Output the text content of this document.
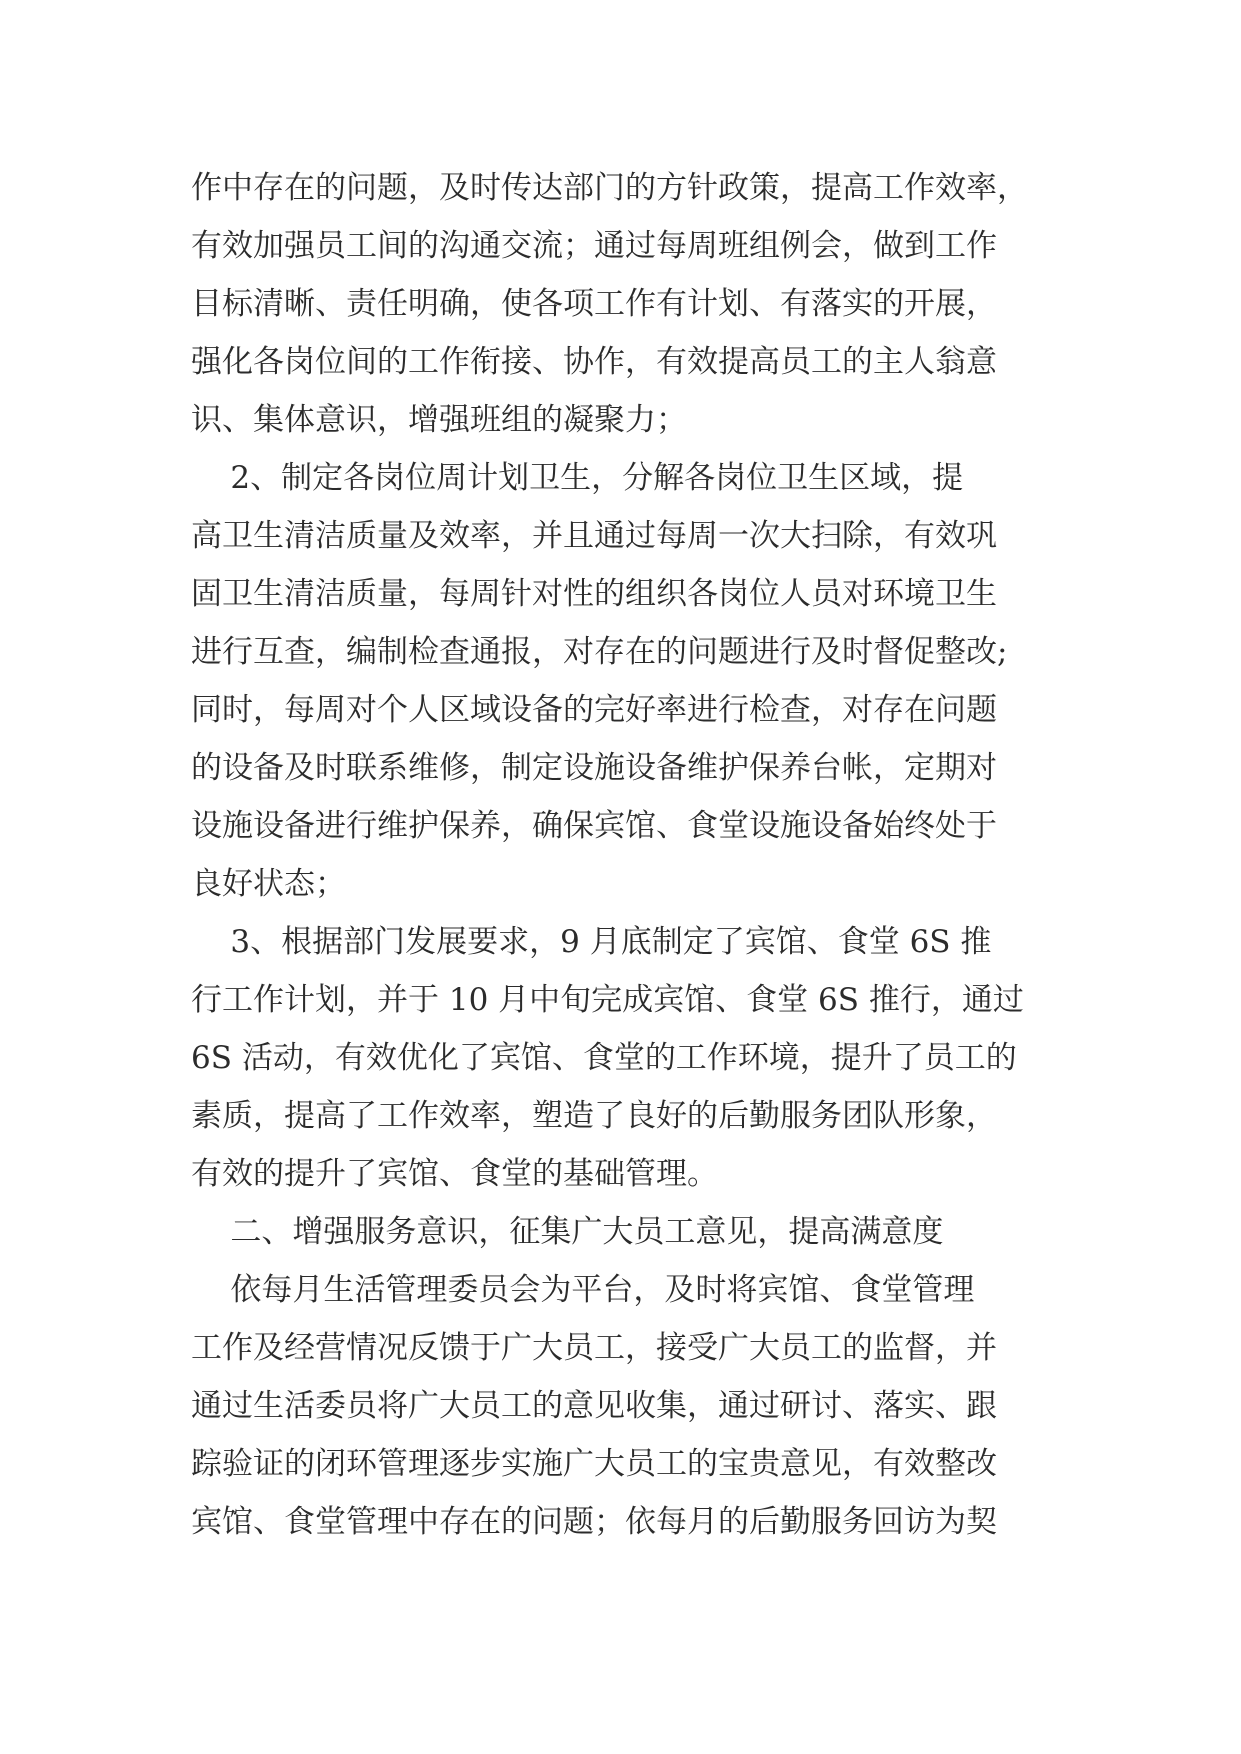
作中存在的问题，及时传达部门的方针政策，提高工作效率，
有效加强员工间的沟通交流；通过每周班组例会，做到工作
目标清晰、责任明确，使各项工作有计划、有落实的开展，
强化各岗位间的工作衔接、协作，有效提高员工的主人翁意
识、集体意识，增强班组的凝聚力；
2、制定各岗位周计划卫生，分解各岗位卫生区域，提
高卫生清洁质量及效率，并且通过每周一次大扫除，有效巩
固卫生清洁质量，每周针对性的组织各岗位人员对环境卫生
进行互查，编制检查通报，对存在的问题进行及时督促整改;
同时，每周对个人区域设备的完好率进行检查，对存在问题
的设备及时联系维修，制定设施设备维护保养台帐，定期对
设施设备进行维护保养，确保宾馆、食堂设施设备始终处于
良好状态；
3、根据部门发展要求，9 月底制定了宾馆、食堂 6S 推
行工作计划，并于 10 月中旬完成宾馆、食堂 6S 推行，通过
6S 活动，有效优化了宾馆、食堂的工作环境，提升了员工的
素质，提高了工作效率，塑造了良好的后勤服务团队形象，
有效的提升了宾馆、食堂的基础管理。
二、增强服务意识，征集广大员工意见，提高满意度
依每月生活管理委员会为平台，及时将宾馆、食堂管理
工作及经营情况反馈于广大员工，接受广大员工的监督，并
通过生活委员将广大员工的意见收集，通过研讨、落实、跟
踪验证的闭环管理逐步实施广大员工的宝贵意见，有效整改
宾馆、食堂管理中存在的问题；依每月的后勤服务回访为契
